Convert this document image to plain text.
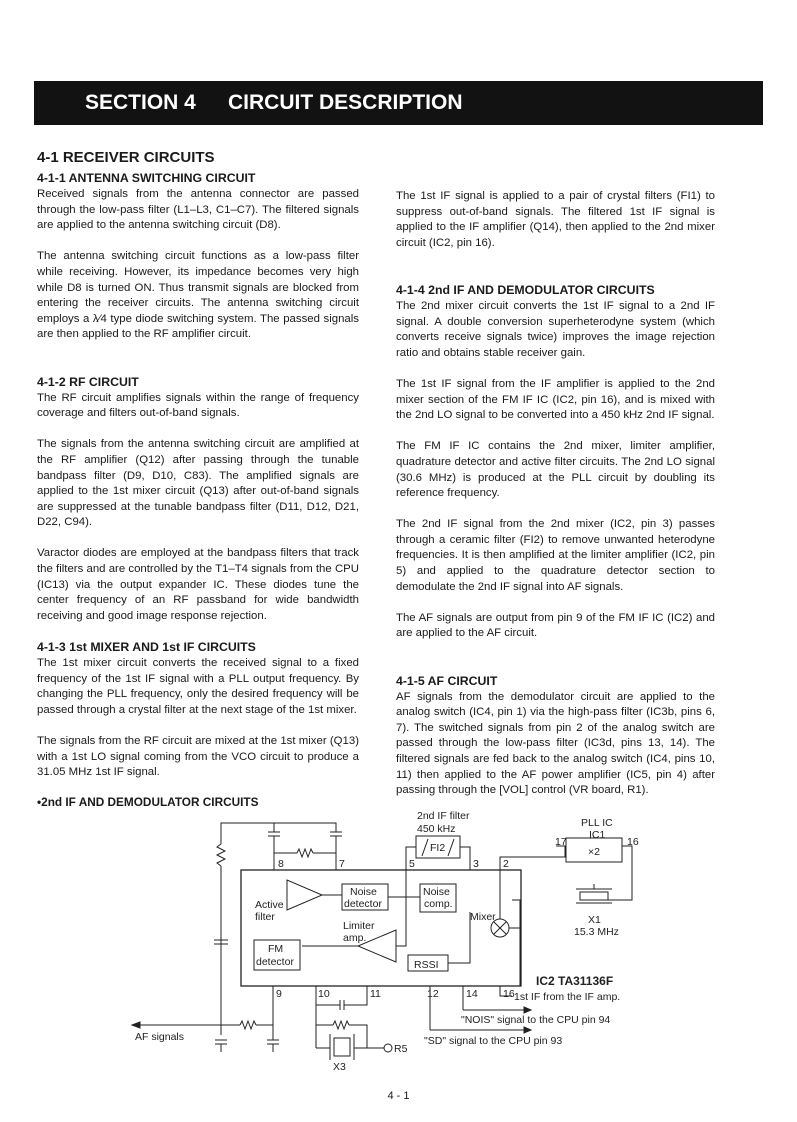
SECTION 4 CIRCUIT DESCRIPTION
4-1 RECEIVER CIRCUITS
4-1-1 ANTENNA SWITCHING CIRCUIT

Received signals from the antenna connector are passed through the low-pass filter (L1–L3, C1–C7). The filtered signals are applied to the antenna switching circuit (D8).

The antenna switching circuit functions as a low-pass filter while receiving. However, its impedance becomes very high while D8 is turned ON. Thus transmit signals are blocked from entering the receiver circuits. The antenna switching circuit employs a λ⁄4 type diode switching system. The passed signals are then applied to the RF amplifier circuit.

4-1-2 RF CIRCUIT

The RF circuit amplifies signals within the range of frequency coverage and filters out-of-band signals.

The signals from the antenna switching circuit are amplified at the RF amplifier (Q12) after passing through the tunable bandpass filter (D9, D10, C83). The amplified signals are applied to the 1st mixer circuit (Q13) after out-of-band signals are suppressed at the tunable bandpass filter (D11, D12, D21, D22, C94).

Varactor diodes are employed at the bandpass filters that track the filters and are controlled by the T1–T4 signals from the CPU (IC13) via the output expander IC. These diodes tune the center frequency of an RF passband for wide bandwidth receiving and good image response rejection.

4-1-3 1st MIXER AND 1st IF CIRCUITS

The 1st mixer circuit converts the received signal to a fixed frequency of the 1st IF signal with a PLL output frequency. By changing the PLL frequency, only the desired frequency will be passed through a crystal filter at the next stage of the 1st mixer.

The signals from the RF circuit are mixed at the 1st mixer (Q13) with a 1st LO signal coming from the VCO circuit to produce a 31.05 MHz 1st IF signal.

The 1st IF signal is applied to a pair of crystal filters (FI1) to suppress out-of-band signals. The filtered 1st IF signal is applied to the IF amplifier (Q14), then applied to the 2nd mixer circuit (IC2, pin 16).

4-1-4 2nd IF AND DEMODULATOR CIRCUITS

The 2nd mixer circuit converts the 1st IF signal to a 2nd IF signal. A double conversion superheterodyne system (which converts receive signals twice) improves the image rejection ratio and obtains stable receiver gain.

The 1st IF signal from the IF amplifier is applied to the 2nd mixer section of the FM IF IC (IC2, pin 16), and is mixed with the 2nd LO signal to be converted into a 450 kHz 2nd IF signal.

The FM IF IC contains the 2nd mixer, limiter amplifier, quadrature detector and active filter circuits. The 2nd LO signal (30.6 MHz) is produced at the PLL circuit by doubling its reference frequency.

The 2nd IF signal from the 2nd mixer (IC2, pin 3) passes through a ceramic filter (FI2) to remove unwanted heterodyne frequencies. It is then amplified at the limiter amplifier (IC2, pin 5) and applied to the quadrature detector section to demodulate the 2nd IF signal into AF signals.

The AF signals are output from pin 9 of the FM IF IC (IC2) and are applied to the AF circuit.

4-1-5 AF CIRCUIT

AF signals from the demodulator circuit are applied to the analog switch (IC4, pin 1) via the high-pass filter (IC3b, pins 6, 7). The switched signals from pin 2 of the analog switch are passed through the low-pass filter (IC3d, pins 13, 14). The filtered signals are fed back to the analog switch (IC4, pins 10, 11) then applied to the AF power amplifier (IC5, pin 4) after passing through the [VOL] control (VR board, R1).

•2nd IF AND DEMODULATOR CIRCUITS
FI2	×2
2nd IF filter
450 kHz	PLL IC
IC1
X1
15.3 MHz
Active
filter
Noise
detector
Noise
comp.
Limiter
amp.
Mixer
FM
detector	RSSI
IC2 TA31136F
1st IF from the IF amp.
"NOIS" signal to the CPU pin 94
"SD" signal to the CPU pin 93
AF signals
R5
X3
8	7	5	3 2
9	10	11	12	14 16
17	16
4 - 1
